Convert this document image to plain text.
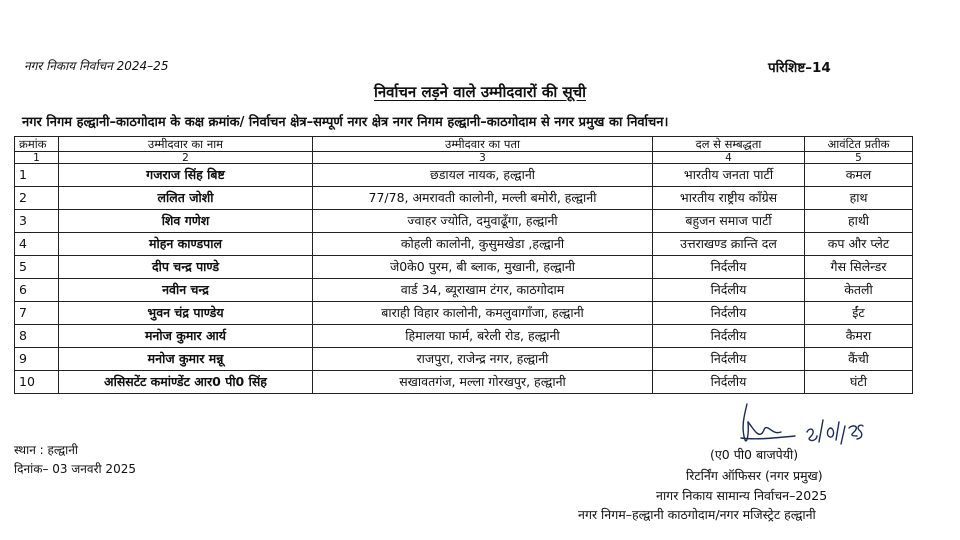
नगर निकाय निर्वाचन 2024–25	परिशिष्ट–14
निर्वाचन लड़ने वाले उम्मीदवारों की सूची
नगर निगम हल्द्वानी–काठगोदाम के कक्ष क्रमांक/ निर्वाचन क्षेत्र–सम्पूर्ण नगर क्षेत्र नगर निगम हल्द्वानी–काठगोदाम से नगर प्रमुख का निर्वाचन।
क्रमांक	उम्मीदवार का नाम	उम्मीदवार का पता	दल से सम्बद्धता	आवंटित प्रतीक
1	2	3	4	5
1	गजराज सिंह बिष्ट	छडायल नायक, हल्द्वानी	भारतीय जनता पार्टी	कमल
2	ललित जोशी	77/78, अमरावती कालोनी, मल्ली बमोरी, हल्द्वानी	भारतीय राष्ट्रीय कॉंग्रेस	हाथ
3	शिव गणेश	ज्वाहर ज्योति, दमुवाढूँगा, हल्द्वानी	बहुजन समाज पार्टी	हाथी
4	मोहन काण्डपाल	कोहली कालोनी, कुसुमखेडा ,हल्द्वानी	उत्तराखण्ड क्रान्ति दल	कप और प्लेट
5	दीप चन्द्र पाण्डे	जे0के0 पुरम, बी ब्लाक, मुखानी, हल्द्वानी	निर्दलीय	गैस सिलेन्डर
6	नवीन चन्द्र	वार्ड 34, ब्यूराखाम टंगर, काठगोदाम	निर्दलीय	केतली
7	भुवन चंद्र पाण्डेय	बाराही विहार कालोनी, कमलुवागाँजा, हल्द्वानी	निर्दलीय	ईंट
8	मनोज कुमार आर्य	हिमालया फार्म, बरेली रोड, हल्द्वानी	निर्दलीय	कैमरा
9	मनोज कुमार मन्नू	राजपुरा, राजेन्द्र नगर, हल्द्वानी	निर्दलीय	कैंची
10	असिसटेंट कमांण्डेंट आर0 पी0 सिंह	सखावतगंज, मल्ला गोरखपुर, हल्द्वानी	निर्दलीय	घंटी
स्थान : हल्द्वानी
दिनांक– 03 जनवरी 2025
(ए0 पी0 बाजपेयी)
रिटर्निंग ऑफिसर (नगर प्रमुख)
नागर निकाय सामान्य निर्वाचन–2025
नगर निगम–हल्द्वानी काठगोदाम/नगर मजिस्ट्रेट हल्द्वानी
